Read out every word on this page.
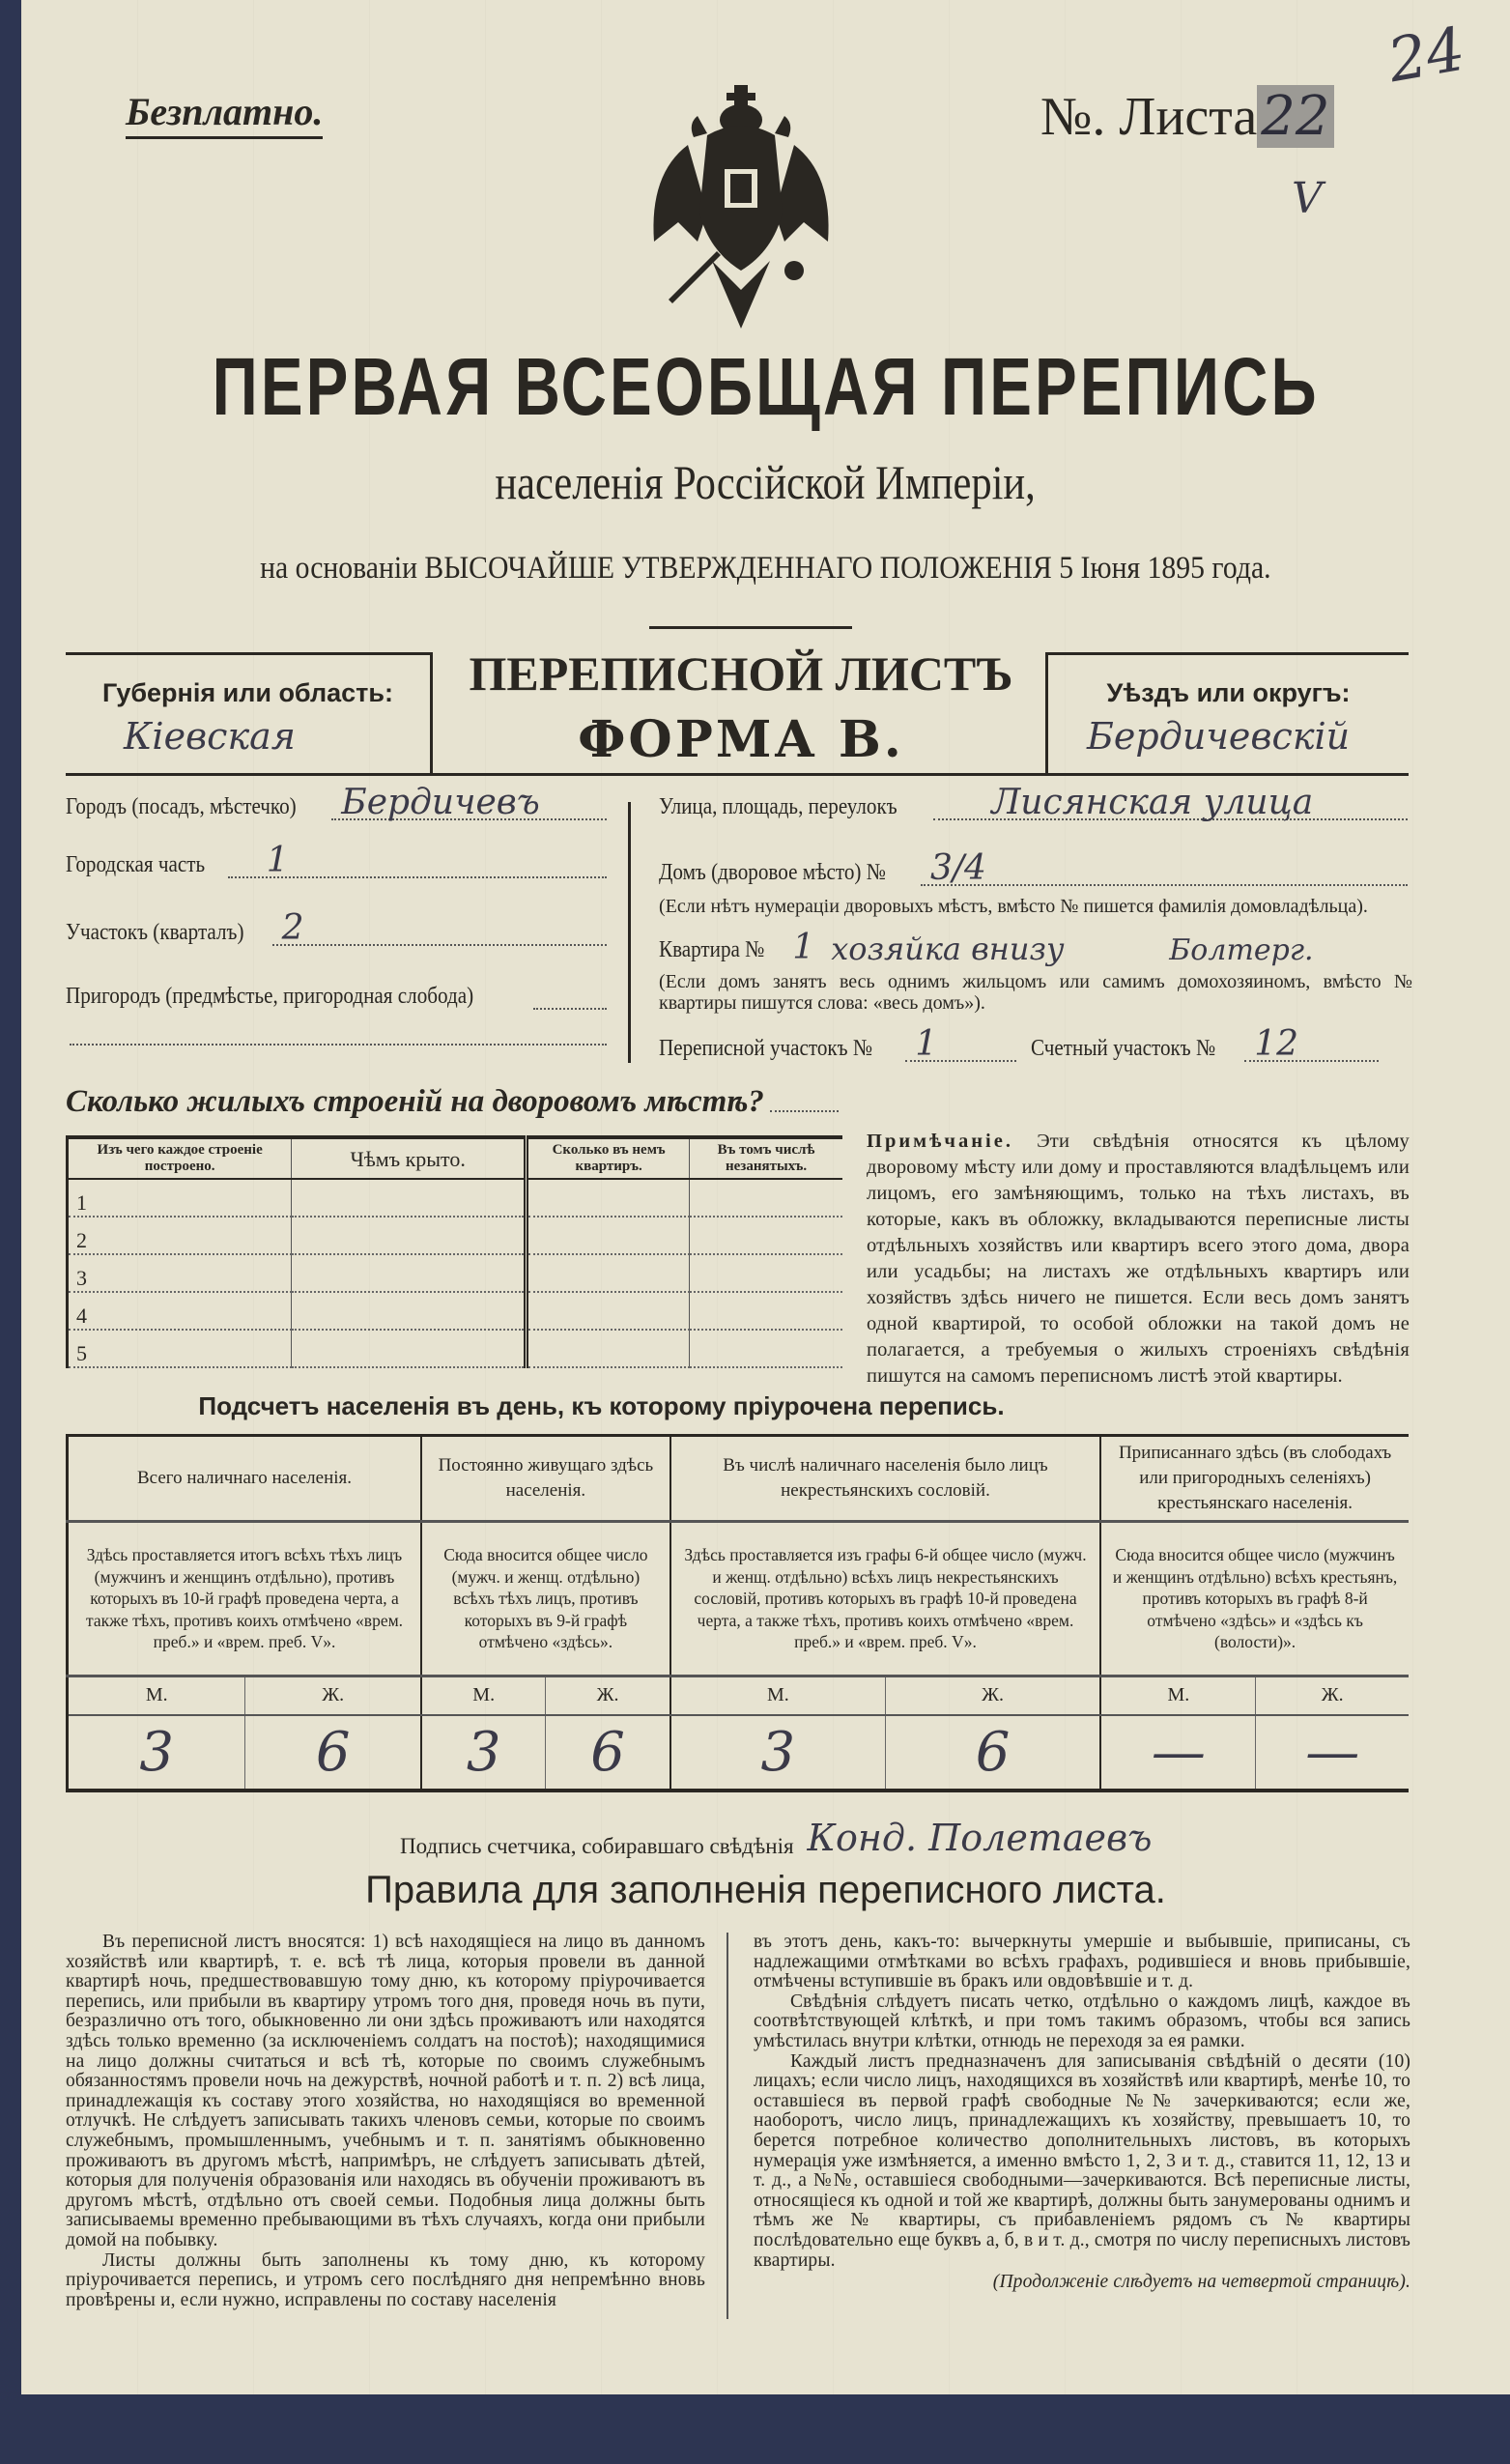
Безплатно.	№. Листа22
24
V
ПЕРВАЯ ВСЕОБЩАЯ ПЕРЕПИСЬ
населенія Россійской Имперіи,
на основаніи ВЫСОЧАЙШЕ УТВЕРЖДЕННАГО ПОЛОЖЕНІЯ 5 Іюня 1895 года.
Губернія или область:
Кіевская
ПЕРЕПИСНОЙ ЛИСТЪ
ФОРМА В.
Уѣздъ или округъ:
Бердичевскій
Городъ (посадъ, мѣстечко) Бердичевъ
Городская часть 1
Участокъ (кварталъ) 2
Пригородъ (предмѣстье, пригородная слобода)
Улица, площадь, переулокъ	Лисянская улица
Домъ (дворовое мѣсто) № 3/4
(Если нѣтъ нумераціи дворовыхъ мѣстъ, вмѣсто № пишется фамилія домовладѣльца).
Квартира № 1 хозяйка внизу	Болтерг.
(Если домъ занятъ весь однимъ жильцомъ или самимъ домохозяиномъ, вмѣсто № квартиры пишутся слова: «весь домъ»).
Переписной участокъ № 1	Счетный участокъ № 12
Сколько жилыхъ строеній на дворовомъ мѣстѣ?
Изъ чего каждое строеніе построено.	Чѣмъ крыто.	Сколько въ немъ квартиръ.	Въ томъ числѣ незанятыхъ.
1			
2			
3			
4			
5			
Примѣчаніе. Эти свѣдѣнія относятся къ цѣлому дворовому мѣсту или дому и проставляются владѣльцемъ или лицомъ, его замѣняющимъ, только на тѣхъ листахъ, въ которые, какъ въ обложку, вкладываются переписные листы отдѣльныхъ хозяйствъ или квартиръ всего этого дома, двора или усадьбы; на листахъ же отдѣльныхъ квартиръ или хозяйствъ здѣсь ничего не пишется. Если весь домъ занятъ одной квартирой, то особой обложки на такой домъ не полагается, а требуемыя о жилыхъ строеніяхъ свѣдѣнія пишутся на самомъ переписномъ листѣ этой квартиры.
Подсчетъ населенія въ день, къ которому пріурочена перепись.
Всего наличнаго населенія.		Постоянно живущаго здѣсь населенія.		Въ числѣ наличнаго населенія было лицъ некрестьянскихъ сословій.		Приписаннаго здѣсь (въ слободахъ или пригородныхъ селеніяхъ) крестьянскаго населенія.	
Здѣсь проставляется итогъ всѣхъ тѣхъ лицъ (мужчинъ и женщинъ отдѣльно), противъ которыхъ въ 10-й графѣ проведена черта, а также тѣхъ, противъ коихъ отмѣчено «врем. преб.» и «врем. преб. V».		Сюда вносится общее число (мужч. и женщ. отдѣльно) всѣхъ тѣхъ лицъ, противъ которыхъ въ 9-й графѣ отмѣчено «здѣсь».		Здѣсь проставляется изъ графы 6-й общее число (мужч. и женщ. отдѣльно) всѣхъ лицъ некрестьянскихъ сословій, противъ которыхъ въ графѣ 10-й проведена черта, а также тѣхъ, противъ коихъ отмѣчено «врем. преб.» и «врем. преб. V».		Сюда вносится общее число (мужчинъ и женщинъ отдѣльно) всѣхъ крестьянъ, противъ которыхъ въ графѣ 8-й отмѣчено «здѣсь» и «здѣсь къ (волости)».	
М.	Ж.	М.	Ж.	М.	Ж.	М.	Ж.
3	6	3	6	3	6	—	—
Подпись счетчика, собиравшаго свѣдѣнія Конд. Полетаевъ
Правила для заполненія переписного листа.

Въ переписной листъ вносятся: 1) всѣ находящіеся на лицо въ данномъ хозяйствѣ или квартирѣ, т. е. всѣ тѣ лица, которыя провели въ данной квартирѣ ночь, предшествовавшую тому дню, къ которому пріурочивается перепись, или прибыли въ квартиру утромъ того дня, проведя ночь въ пути, безразлично отъ того, обыкновенно ли они здѣсь проживаютъ или находятся здѣсь только временно (за исключеніемъ солдатъ на постоѣ); находящимися на лицо должны считаться и всѣ тѣ, которые по своимъ служебнымъ обязанностямъ провели ночь на дежурствѣ, ночной работѣ и т. п. 2) всѣ лица, принадлежащія къ составу этого хозяйства, но находящіяся во временной отлучкѣ. Не слѣдуетъ записывать такихъ членовъ семьи, которые по своимъ служебнымъ, промышленнымъ, учебнымъ и т. п. занятіямъ обыкновенно проживаютъ въ другомъ мѣстѣ, напримѣръ, не слѣдуетъ записывать дѣтей, которыя для полученія образованія или находясь въ обученіи проживаютъ въ другомъ мѣстѣ, отдѣльно отъ своей семьи. Подобныя лица должны быть записываемы временно пребывающими въ тѣхъ случаяхъ, когда они прибыли домой на побывку.

Листы должны быть заполнены къ тому дню, къ которому пріурочивается перепись, и утромъ сего послѣдняго дня непремѣнно вновь провѣрены и, если нужно, исправлены по составу населенія

въ этотъ день, какъ-то: вычеркнуты умершіе и выбывшіе, приписаны, съ надлежащими отмѣтками во всѣхъ графахъ, родившіеся и вновь прибывшіе, отмѣчены вступившіе въ бракъ или овдовѣвшіе и т. д.

Свѣдѣнія слѣдуетъ писать четко, отдѣльно о каждомъ лицѣ, каждое въ соотвѣтствующей клѣткѣ, и при томъ такимъ образомъ, чтобы вся запись умѣстилась внутри клѣтки, отнюдь не переходя за ея рамки.

Каждый листъ предназначенъ для записыванія свѣдѣній о десяти (10) лицахъ; если число лицъ, находящихся въ хозяйствѣ или квартирѣ, менѣе 10, то оставшіеся въ первой графѣ свободные №№ зачеркиваются; если же, наоборотъ, число лицъ, принадлежащихъ къ хозяйству, превышаетъ 10, то берется потребное количество дополнительныхъ листовъ, въ которыхъ нумерація уже измѣняется, а именно вмѣсто 1, 2, 3 и т. д., ставится 11, 12, 13 и т. д., а №№, оставшіеся свободными—зачеркиваются. Всѣ переписные листы, относящіеся къ одной и той же квартирѣ, должны быть занумерованы однимъ и тѣмъ же № квартиры, съ прибавленіемъ рядомъ съ № квартиры послѣдовательно еще буквъ а, б, в и т. д., смотря по числу переписныхъ листовъ квартиры.

(Продолженіе слѣдуетъ на четвертой страницѣ).
